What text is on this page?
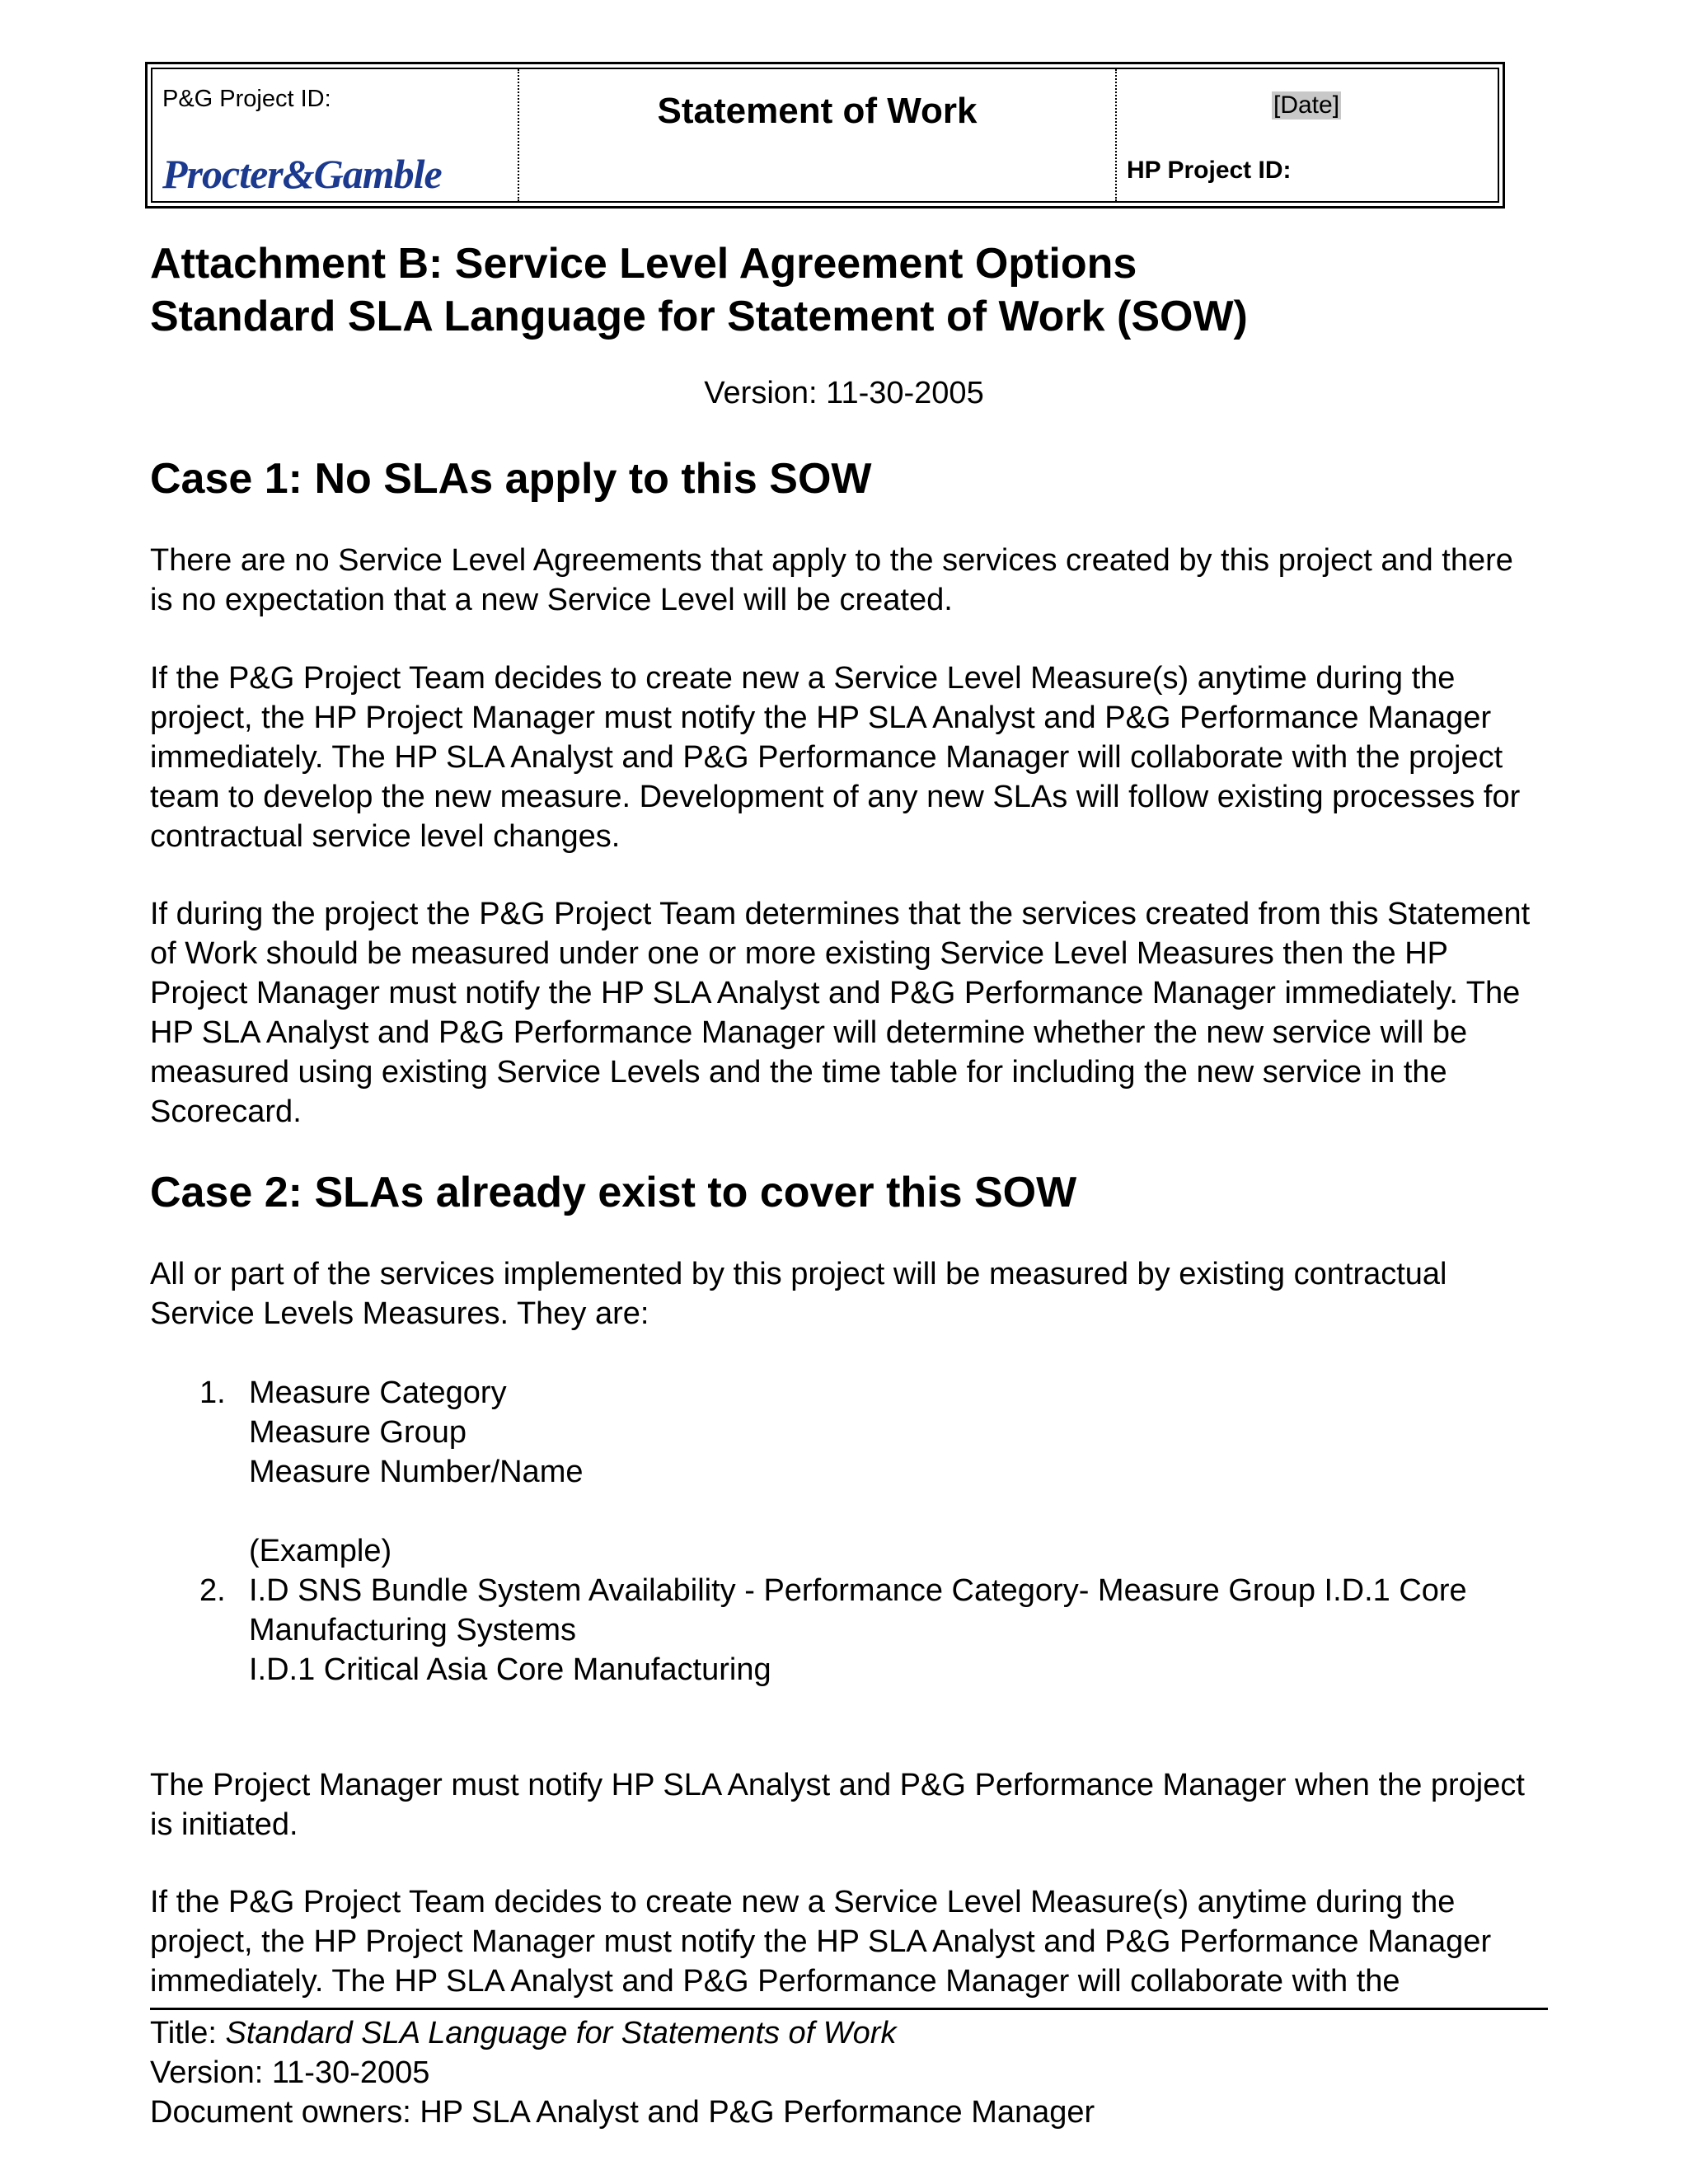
P&G Project ID:
Procter&Gamble
Statement of Work	[Date]
HP Project ID:
Attachment B: Service Level Agreement Options
Standard SLA Language for Statement of Work (SOW)
Version: 11-30-2005
Case 1: No SLAs apply to this SOW

There are no Service Level Agreements that apply to the services created by this project and there is no expectation that a new Service Level will be created.

If the P&G Project Team decides to create new a Service Level Measure(s) anytime during the project, the HP Project Manager must notify the HP SLA Analyst and P&G Performance Manager immediately. The HP SLA Analyst and P&G Performance Manager will collaborate with the project team to develop the new measure. Development of any new SLAs will follow existing processes for contractual service level changes.

If during the project the P&G Project Team determines that the services created from this Statement of Work should be measured under one or more existing Service Level Measures then the HP Project Manager must notify the HP SLA Analyst and P&G Performance Manager immediately. The HP SLA Analyst and P&G Performance Manager will determine whether the new service will be measured using existing Service Levels and the time table for including the new service in the Scorecard.

Case 2: SLAs already exist to cover this SOW

All or part of the services implemented by this project will be measured by existing contractual Service Levels Measures. They are:

1. Measure Category
Measure Group
Measure Number/Name

(Example)
2. I.D SNS Bundle System Availability - Performance Category- Measure Group I.D.1 Core Manufacturing Systems
I.D.1 Critical Asia Core Manufacturing

The Project Manager must notify HP SLA Analyst and P&G Performance Manager when the project is initiated.

If the P&G Project Team decides to create new a Service Level Measure(s) anytime during the project, the HP Project Manager must notify the HP SLA Analyst and P&G Performance Manager immediately. The HP SLA Analyst and P&G Performance Manager will collaborate with the

Title: Standard SLA Language for Statements of Work
Version: 11-30-2005
Document owners: HP SLA Analyst and P&G Performance Manager
